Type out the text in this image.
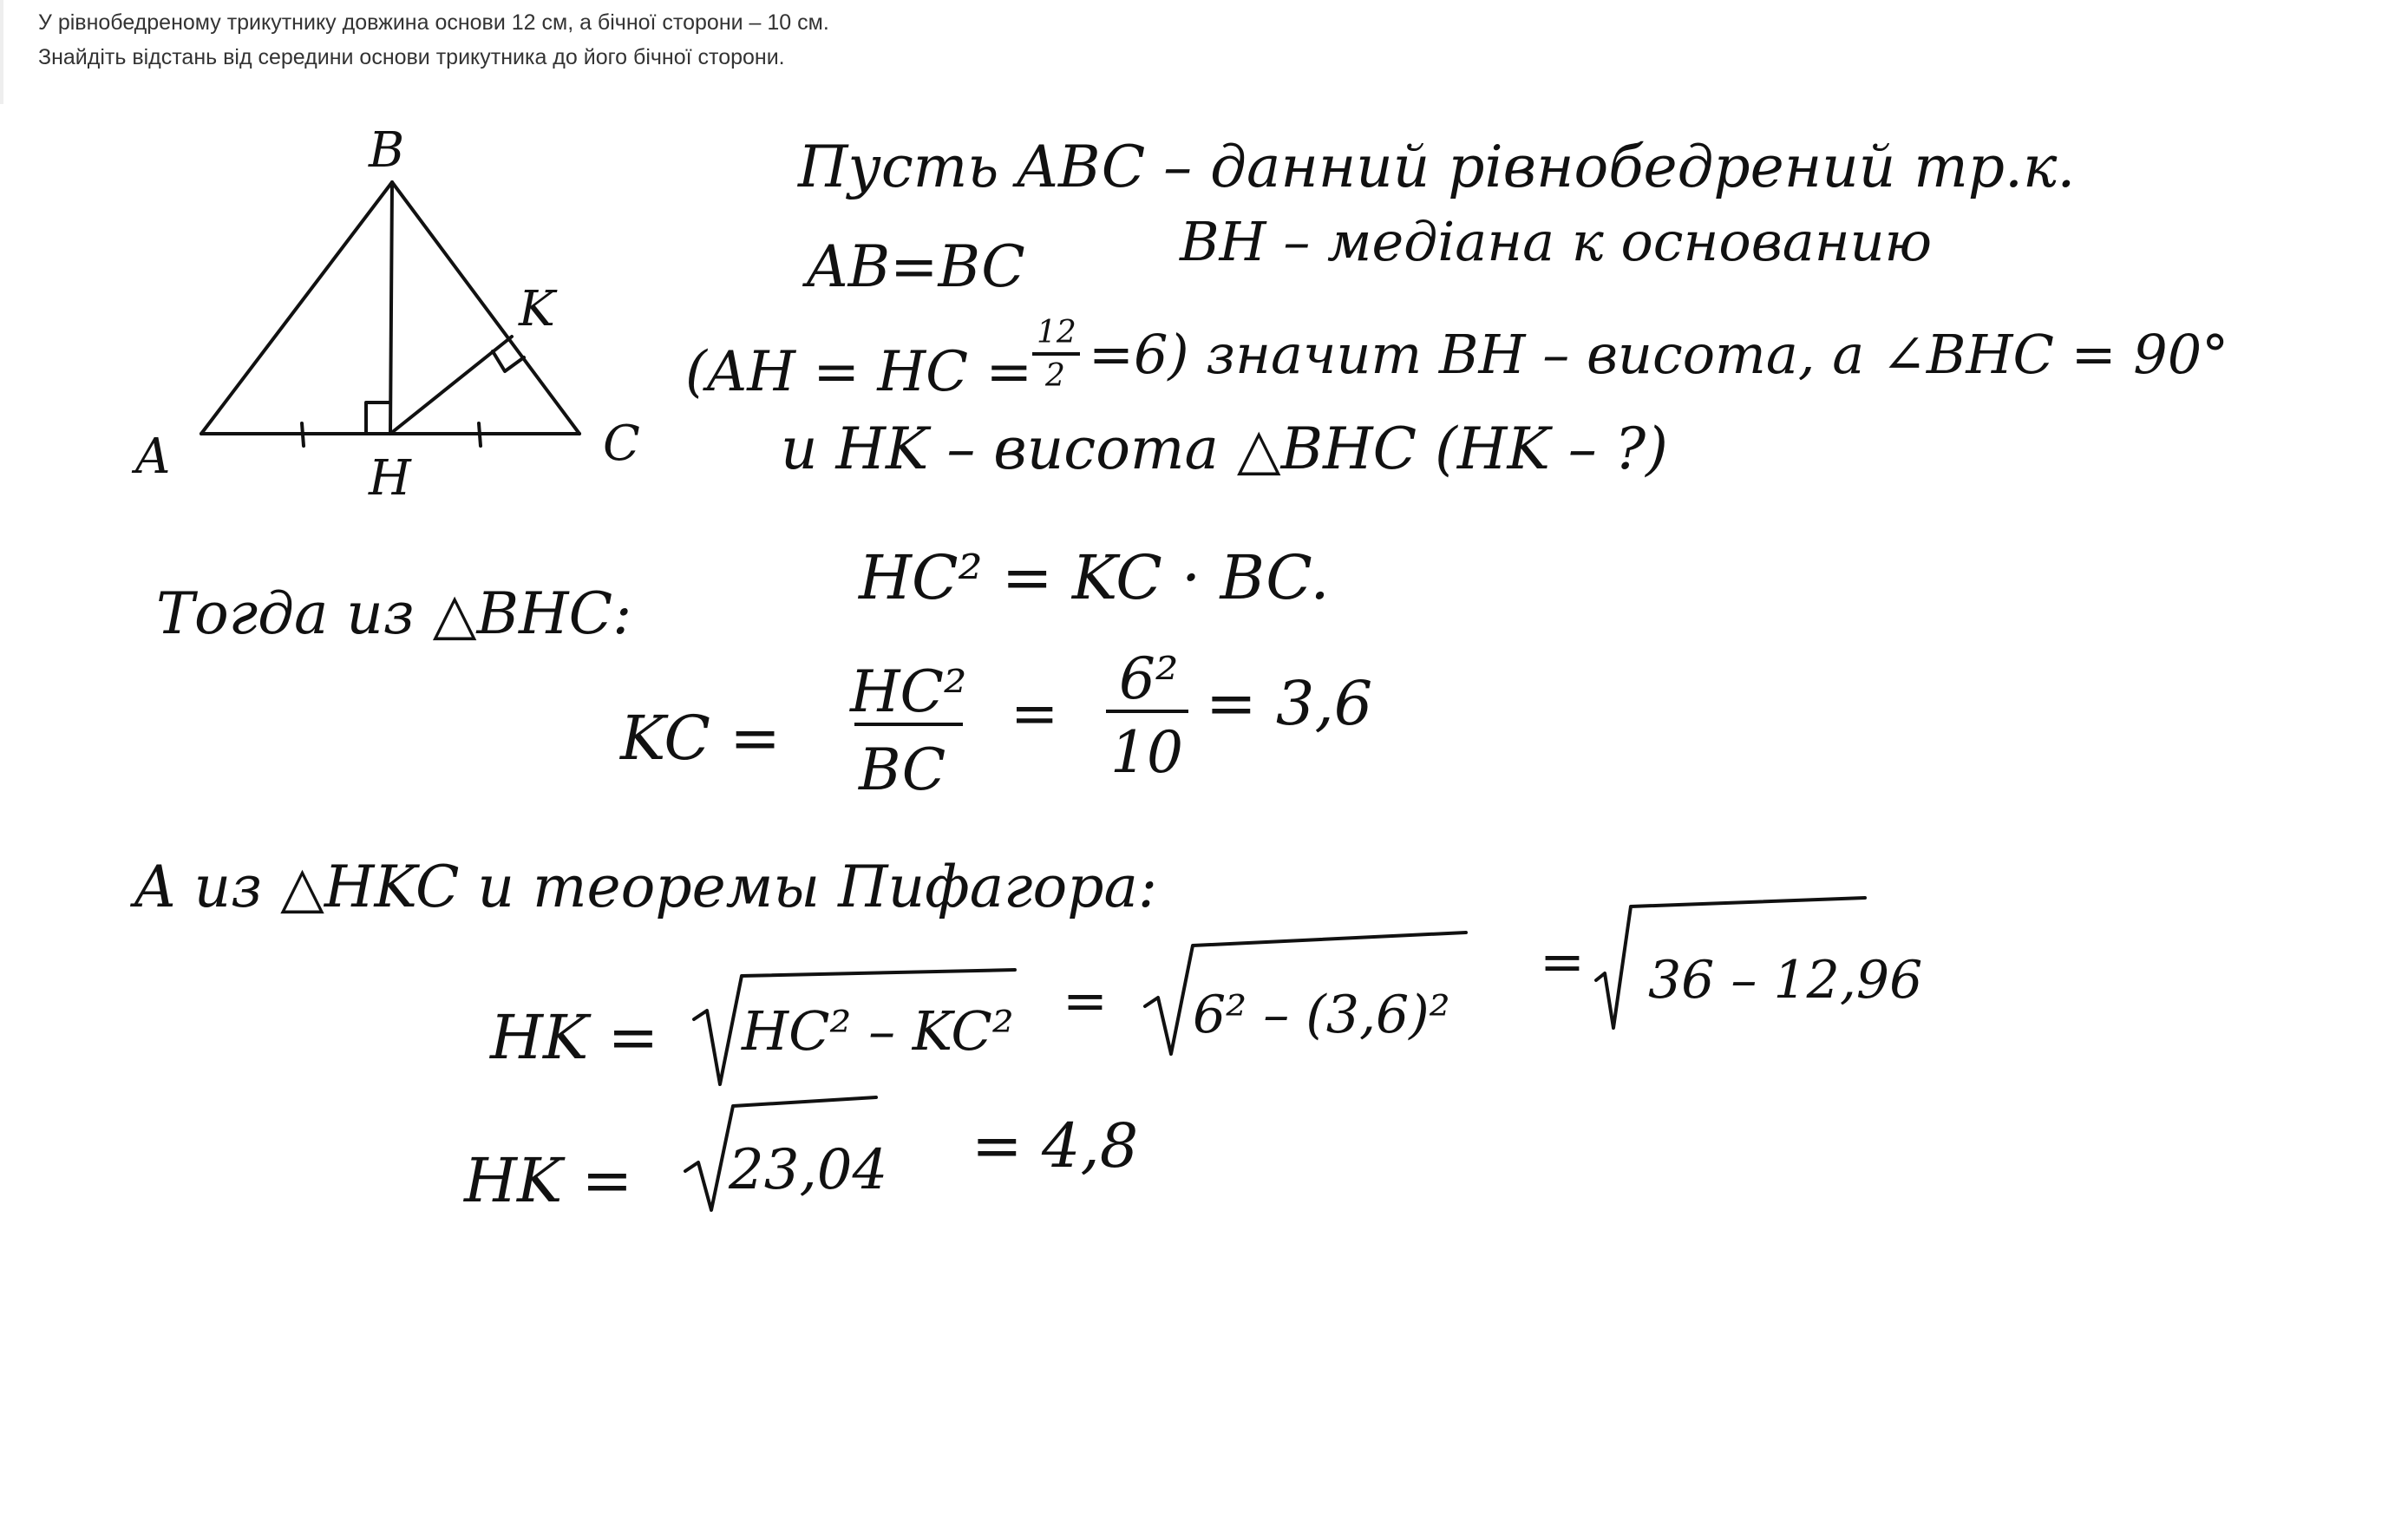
У рівнобедреному трикутнику довжина основи 12 см, а бічної сторони – 10 см. Знайдіть відстань від середини основи трикутника до його бічної сторони.
B
A	C
H
K
Пусть ABC – данний рівнобедрений тр.к.
AB=BC	BH – медіана к основанию
(AH = HC =
12
2 =6) значит BH – висота, a ∠BHC = 90°
и HK – висота △BHC (HK – ?)
Тогда из △BHC:
HC² = KC · BC.
KC =
HC²
BC
=
6²
10
= 3,6
A из △HKC и теоремы Пифагора:
HK = HC² – KC² = 6² – (3,6)²
= 36 – 12,96
HK = 23,04 = 4,8
